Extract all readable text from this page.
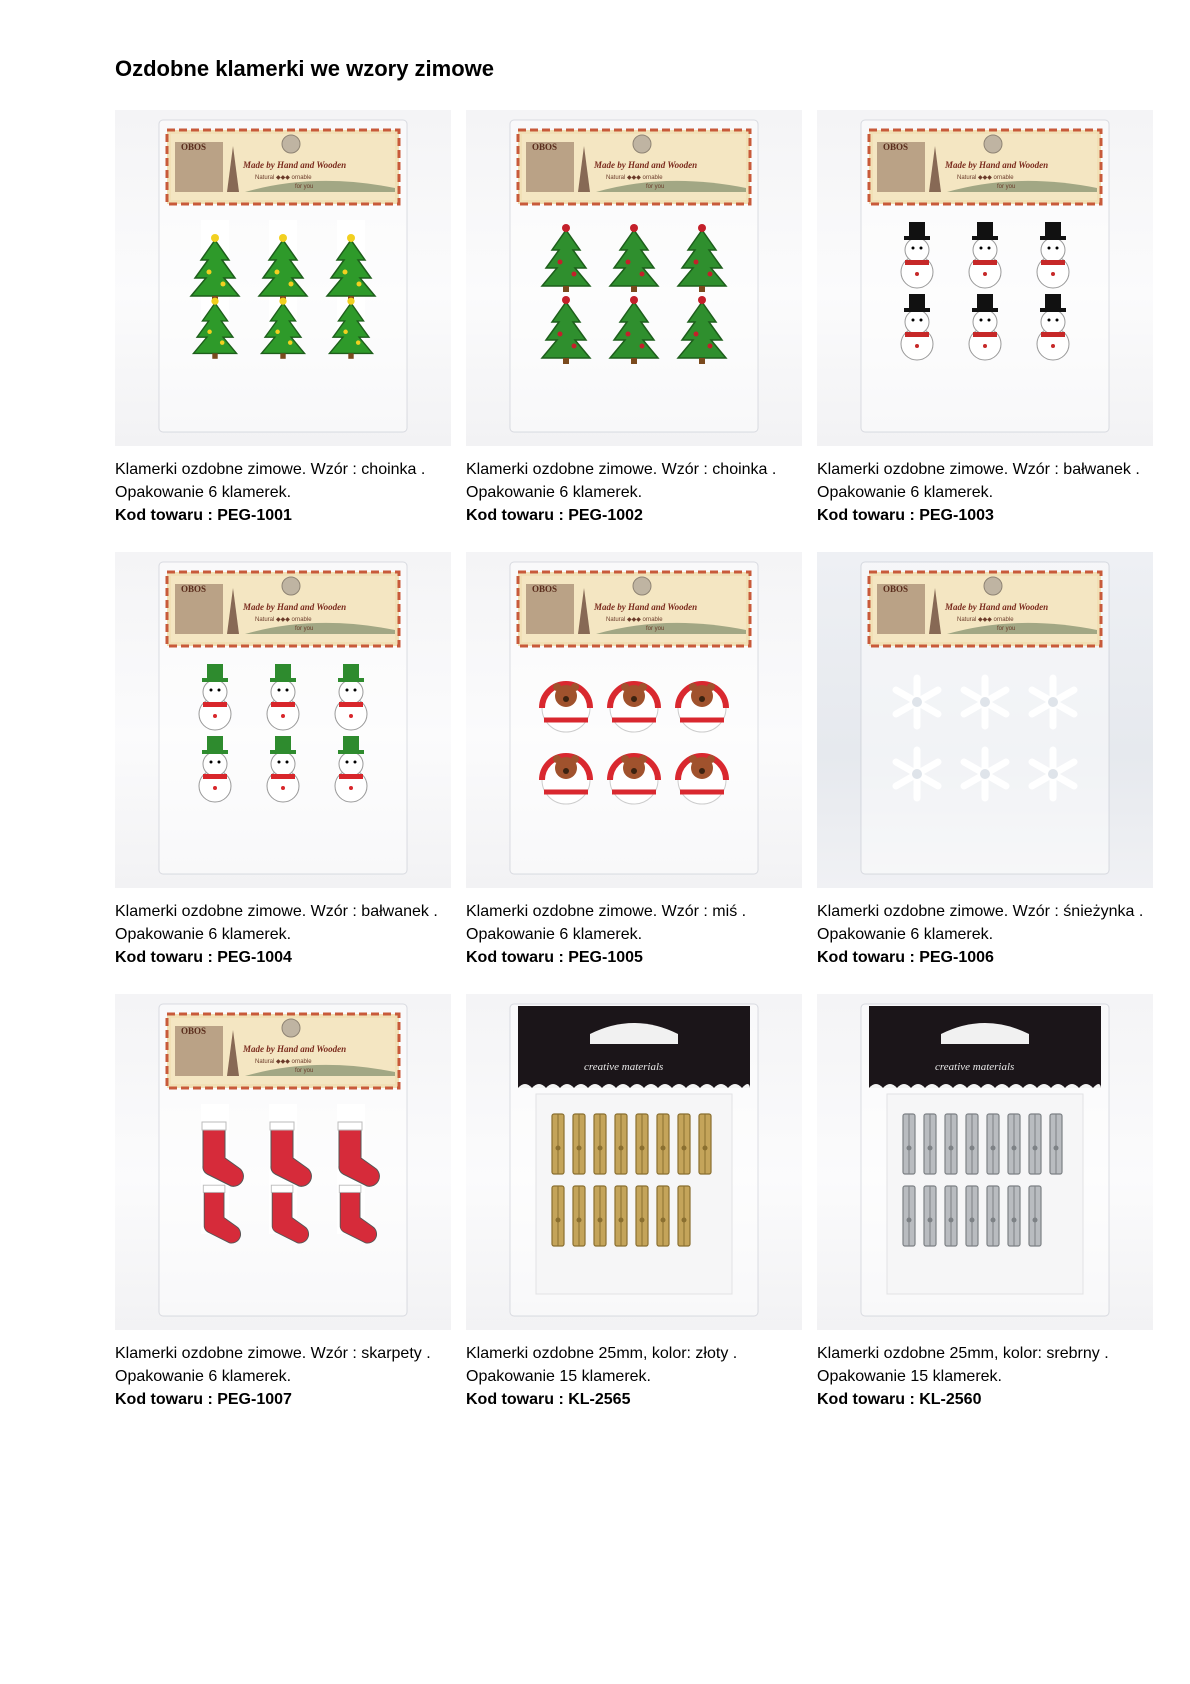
Ozdobne klamerki we wzory zimowe
OBOS
Made by Hand and Wooden
Natural ◆◆◆ ornable
for you
Klamerki ozdobne zimowe. Wzór : choinka . Opakowanie 6 klamerek.
Kod towaru : PEG-1001
OBOS
Made by Hand and Wooden
Natural ◆◆◆ ornable
for you
Klamerki ozdobne zimowe. Wzór : choinka . Opakowanie 6 klamerek.
Kod towaru : PEG-1002
OBOS
Made by Hand and Wooden
Natural ◆◆◆ ornable
for you
Klamerki ozdobne zimowe. Wzór : bałwanek . Opakowanie 6 klamerek.
Kod towaru : PEG-1003
OBOS
Made by Hand and Wooden
Natural ◆◆◆ ornable
for you
Klamerki ozdobne zimowe. Wzór : bałwanek . Opakowanie 6 klamerek.
Kod towaru : PEG-1004
OBOS
Made by Hand and Wooden
Natural ◆◆◆ ornable
for you
Klamerki ozdobne zimowe. Wzór : miś . Opakowanie 6 klamerek.
Kod towaru : PEG-1005
OBOS
Made by Hand and Wooden
Natural ◆◆◆ ornable
for you
Klamerki ozdobne zimowe. Wzór : śnieżynka . Opakowanie 6 klamerek.
Kod towaru : PEG-1006
OBOS
Made by Hand and Wooden
Natural ◆◆◆ ornable
for you
Klamerki ozdobne zimowe. Wzór : skarpety . Opakowanie 6 klamerek.
Kod towaru : PEG-1007
creative materials
Klamerki ozdobne 25mm, kolor: złoty . Opakowanie 15 klamerek.
Kod towaru : KL-2565
creative materials
Klamerki ozdobne 25mm, kolor: srebrny . Opakowanie 15 klamerek.
Kod towaru : KL-2560
